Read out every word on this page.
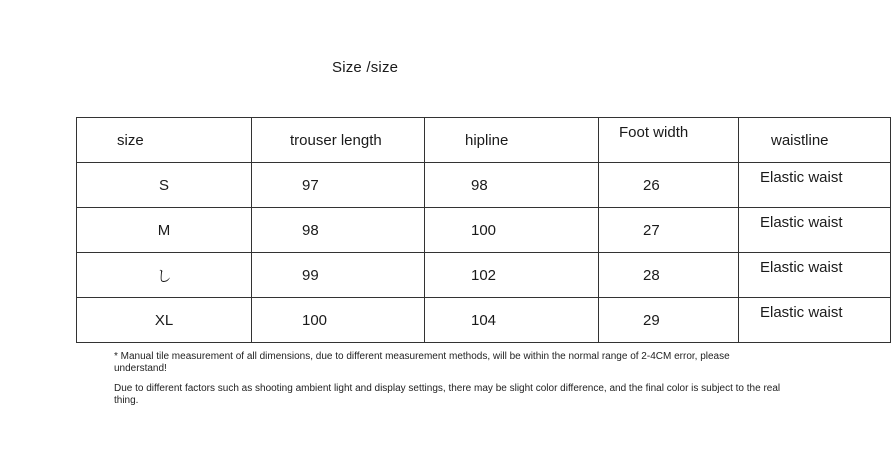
Size /size
size	trouser length	hipline	Foot width	waistline
S	97	98	26	Elastic waist
M	98	100	27	Elastic waist
し	99	102	28	Elastic waist
XL	100	104	29	Elastic waist

* Manual tile measurement of all dimensions, due to different measurement methods, will be within the normal range of 2-4CM error, please understand!

Due to different factors such as shooting ambient light and display settings, there may be slight color difference, and the final color is subject to the real thing.
